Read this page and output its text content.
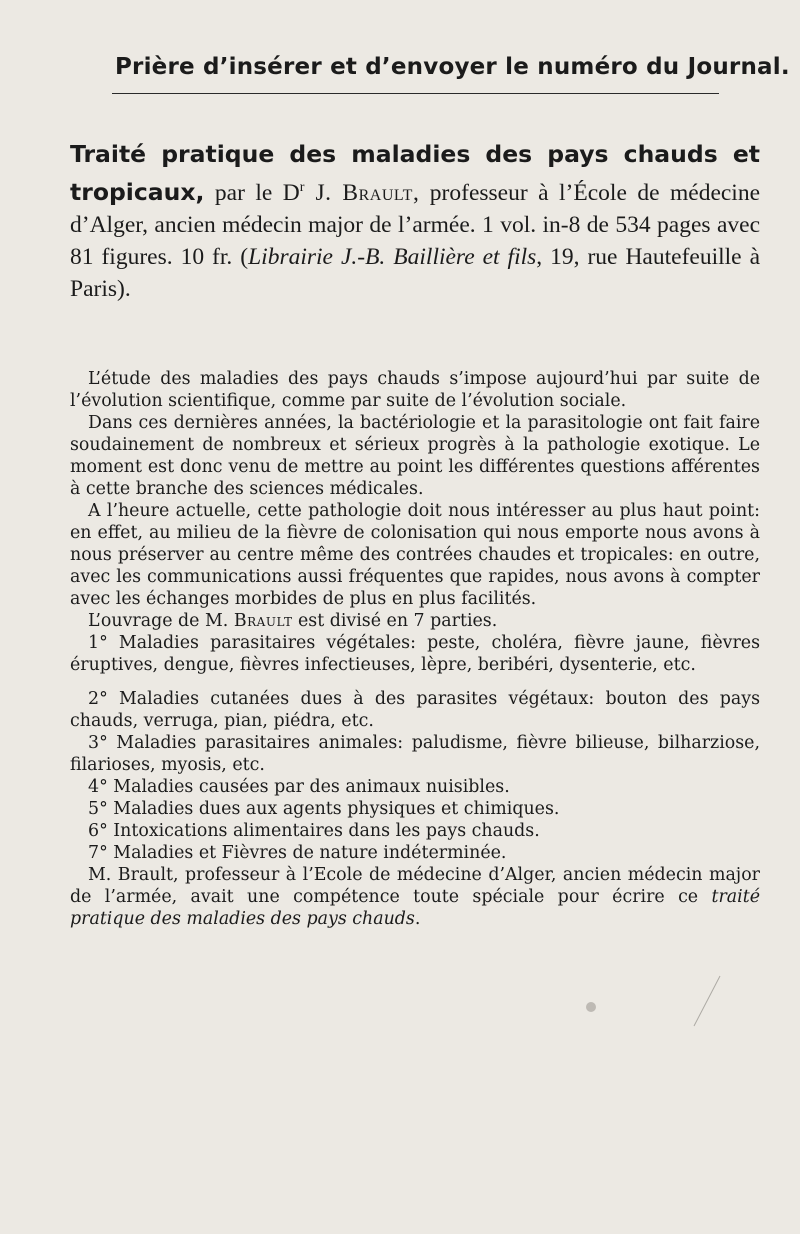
Prière d’insérer et d’envoyer le numéro du Journal.
Traité pratique des maladies des pays chauds et tropicaux, par le $D^r$ J. Brault, professeur à l’École de médecine d’Alger, ancien médecin major de l’armée. 1 vol. in-8 de 534 pages avec 81 figures. 10 fr. (Librairie J.-B. Baillière et fils, 19, rue Hautefeuille à Paris).

L’étude des maladies des pays chauds s’impose aujourd’hui par suite de l’évolution scientifique, comme par suite de l’évolution sociale.

Dans ces dernières années, la bactériologie et la parasitologie ont fait faire soudainement de nombreux et sérieux progrès à la pathologie exotique. Le moment est donc venu de mettre au point les différentes questions afférentes à cette branche des sciences médicales.

A l’heure actuelle, cette pathologie doit nous intéresser au plus haut point: en effet, au milieu de la fièvre de colonisation qui nous emporte nous avons à nous préserver au centre même des contrées chaudes et tropicales: en outre, avec les communications aussi fréquentes que rapides, nous avons à compter avec les échanges morbides de plus en plus facilités.

L’ouvrage de M. Brault est divisé en 7 parties.

1° Maladies parasitaires végétales: peste, choléra, fièvre jaune, fièvres éruptives, dengue, fièvres infectieuses, lèpre, beribéri, dysenterie, etc.

2° Maladies cutanées dues à des parasites végétaux: bouton des pays chauds, verruga, pian, piédra, etc.

3° Maladies parasitaires animales: paludisme, fièvre bilieuse, bilharziose, filarioses, myosis, etc.

4° Maladies causées par des animaux nuisibles.

5° Maladies dues aux agents physiques et chimiques.

6° Intoxications alimentaires dans les pays chauds.

7° Maladies et Fièvres de nature indéterminée.

M. Brault, professeur à l’Ecole de médecine d’Alger, ancien médecin major de l’armée, avait une compétence toute spéciale pour écrire ce traité pratique des maladies des pays chauds.
